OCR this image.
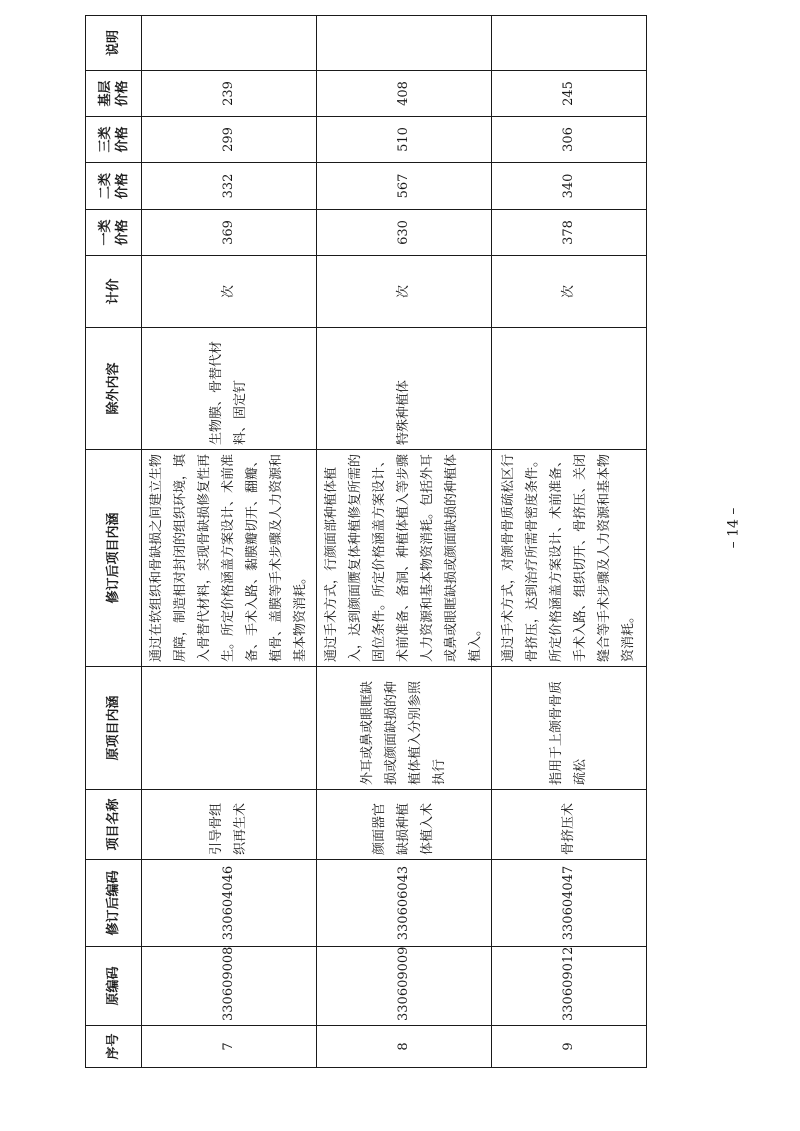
序号	原编码	修订后编码	项目名称	原项目内涵	修订后项目内涵	除外内容	计价	一类价格	二类价格	三类价格	基层价格	说明
7	330609008	330604046	引导骨组织再生术		通过在软组织和骨缺损之间建立生物屏障，制造相对封闭的组织环境，填入骨替代材料，实现骨缺损修复性再生。所定价格涵盖方案设计、术前准备、手术入路、黏膜瓣切开、翻瓣、植骨、盖膜等手术步骤及人力资源和基本物资消耗。	生物膜、骨替代材料、固定钉	次	369	332	299	239	
8	330609009	330606043	颜面器官缺损种植体植入术	外耳或鼻或眼眶缺损或颜面缺损的种植体植入分别参照执行	通过手术方式，行颜面部种植体植入，达到颜面赝复体种植修复所需的固位条件。所定价格涵盖方案设计、术前准备、备洞、种植体植入等步骤人力资源和基本物资消耗。包括外耳或鼻或眼眶缺损或颜面缺损的种植体植入。	特殊种植体	次	630	567	510	408	
9	330609012	330604047	骨挤压术	指用于上颌骨骨质疏松	通过手术方式，对颌骨骨质疏松区行骨挤压，达到治疗所需骨密度条件。所定价格涵盖方案设计、术前准备、手术入路、组织切开、骨挤压、关闭缝合等手术步骤及人力资源和基本物资消耗。		次	378	340	306	245	
– 14 –
